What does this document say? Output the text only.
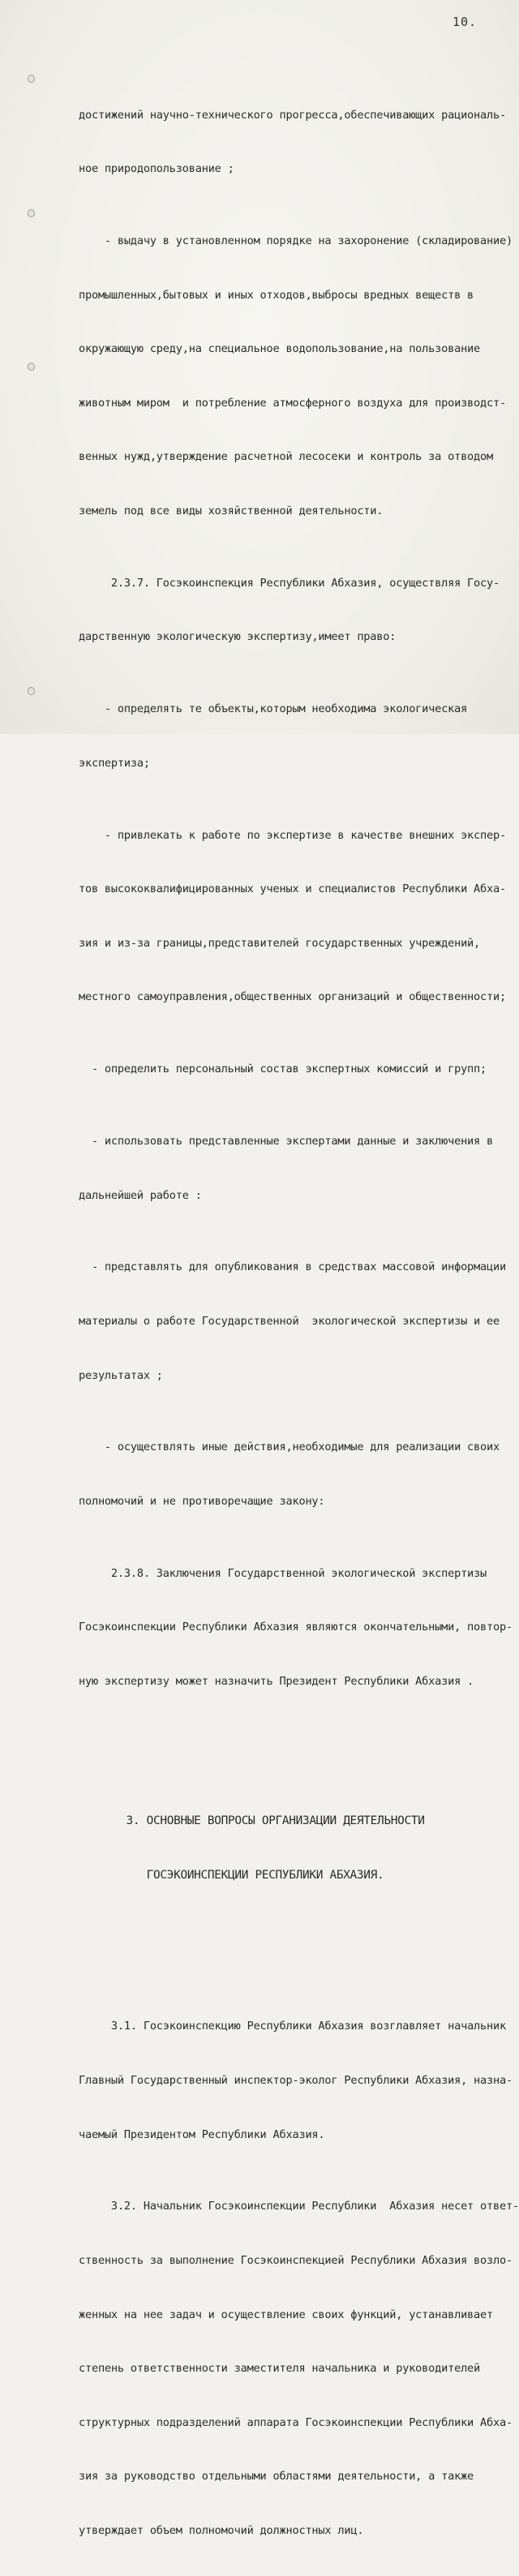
10.

достижений научно-технического прогресса,обеспечивающих рациональ-

ное природопользование ;

- выдачу в установленном порядке на захоронение (складирование)

промышленных,бытовых и иных отходов,выбросы вредных веществ в

окружающую среду,на специальное водопользование,на пользование

животным миром  и потребление атмосферного воздуха для производст-

венных нужд,утверждение расчетной лесосеки и контроль за отводом

земель под все виды хозяйственной деятельности.

2.3.7. Госэкоинспекция Республики Абхазия, осуществляя Госу-

дарственную экологическую экспертизу,имеет право:

- определять те объекты,которым необходима экологическая

экспертиза;

- привлекать к работе по экспертизе в качестве внешних экспер-

тов высококвалифицированных ученых и специалистов Республики Абха-

зия и из-за границы,представителей государственных учреждений,

местного самоуправления,общественных организаций и общественности;

- определить персональный состав экспертных комиссий и групп;

- использовать представленные экспертами данные и заключения в

дальнейшей работе :

- представлять для опубликования в средствах массовой информации

материалы о работе Государственной  экологической экспертизы и ее

результатах ;

- осуществлять иные действия,необходимые для реализации своих

полномочий и не противоречащие закону:

2.3.8. Заключения Государственной экологической экспертизы

Госэкоинспекции Республики Абхазия являются окончательными, повтор-

ную экспертизу может назначить Президент Республики Абхазия .

3. ОСНОВНЫЕ ВОПРОСЫ ОРГАНИЗАЦИИ ДЕЯТЕЛЬНОСТИ

ГОСЭКОИНСПЕКЦИИ РЕСПУБЛИКИ АБХАЗИЯ.

3.1. Госэкоинспекцию Республики Абхазия возглавляет начальник

Главный Государственный инспектор-эколог Республики Абхазия, назна-

чаемый Президентом Республики Абхазия.

3.2. Начальник Госэкоинспекции Республики  Абхазия несет ответ-

ственность за выполнение Госэкоинспекцией Республики Абхазия возло-

женных на нее задач и осуществление своих функций, устанавливает

степень ответственности заместителя начальника и руководителей

структурных подразделений аппарата Госэкоинспекции Республики Абха-

зия за руководство отдельными областями деятельности, а также

утверждает объем полномочий должностных лиц.
